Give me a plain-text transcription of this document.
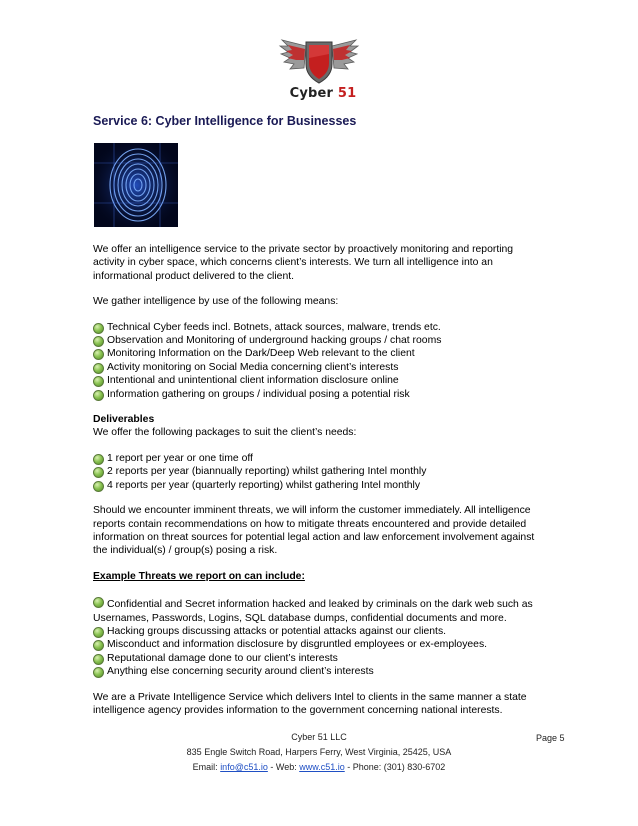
Cyber 51
Service 6: Cyber Intelligence for Businesses

We offer an intelligence service to the private sector by proactively monitoring and reporting activity in cyber space, which concerns client’s interests. We turn all intelligence into an informational product delivered to the client.

We gather intelligence by use of the following means:

Technical Cyber feeds incl. Botnets, attack sources, malware, trends etc.
Observation and Monitoring of underground hacking groups / chat rooms
Monitoring Information on the Dark/Deep Web relevant to the client
Activity monitoring on Social Media concerning client’s interests
Intentional and unintentional client information disclosure online
Information gathering on groups / individual posing a potential risk

Deliverables

We offer the following packages to suit the client’s needs:

1 report per year or one time off
2 reports per year (biannually reporting) whilst gathering Intel monthly
4 reports per year (quarterly reporting) whilst gathering Intel monthly

Should we encounter imminent threats, we will inform the customer immediately. All intelligence reports contain recommendations on how to mitigate threats encountered and provide detailed information on threat sources for potential legal action and law enforcement involvement against the individual(s) / group(s) posing a risk.

Example Threats we report on can include:

Confidential and Secret information hacked and leaked by criminals on the dark web such as Usernames, Passwords, Logins, SQL database dumps, confidential documents and more.

Hacking groups discussing attacks or potential attacks against our clients.
Misconduct and information disclosure by disgruntled employees or ex-employees.
Reputational damage done to our client’s interests
Anything else concerning security around client’s interests

We are a Private Intelligence Service which delivers Intel to clients in the same manner a state intelligence agency provides information to the government concerning national interests.

Page 5
Cyber 51 LLC
835 Engle Switch Road, Harpers Ferry, West Virginia, 25425, USA
Email: info@c51.io - Web: www.c51.io - Phone: (301) 830-6702
